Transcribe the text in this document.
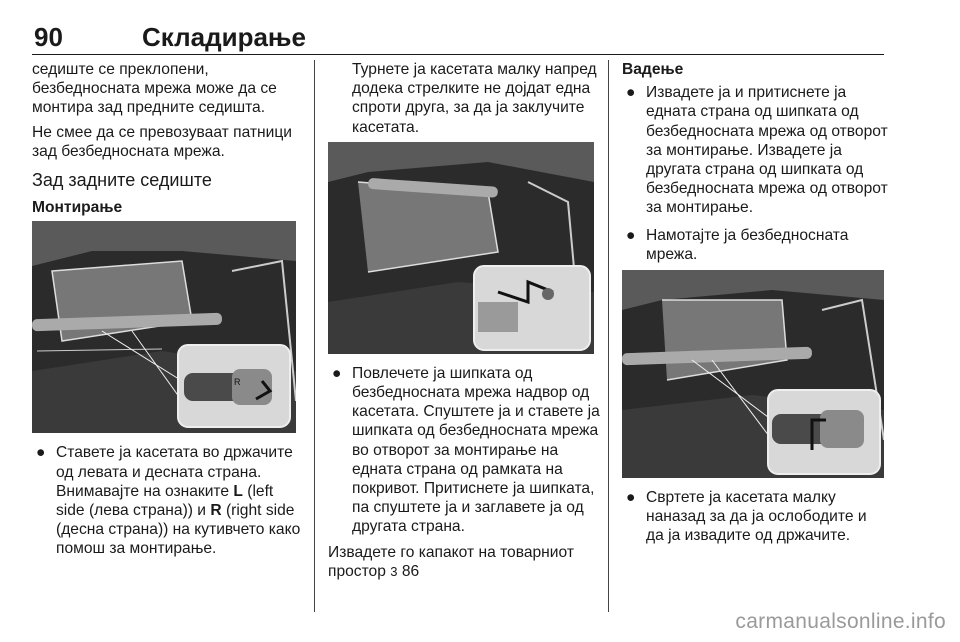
90	Складирање

седиште се преклопени, безбедносната мрежа може да се монтира зад предните седишта.

Не смее да се превозуваат патници зад безбедносната мрежа.

Зад задните седиште
Монтирање
R
● Ставете ја касетата во држачите од левата и десната страна. Внимавајте на ознаките L (left side (лева страна)) и R (right side (десна страна)) на кутивчето како помош за монтирање.

Турнете ја касетата малку напред додека стрелките не дојдат една спроти друга, за да ја заклучите касетата.

● Повлечете ја шипката од безбедносната мрежа надвор од касетата. Спуштете ја и ставете ја шипката од безбедносната мрежа во отворот за монтирање на едната страна од рамката на покривот. Притиснете ја шипката, па спуштете ја и заглавете ја од другата страна.

Извадете го капакот на товарниот простор 3 86

Вадење
● Извадете ја и притиснете ја едната страна од шипката од безбедносната мрежа од отворот за монтирање. Извадете ја другата страна од шипката од безбедносната мрежа од отворот за монтирање.
● Намотајте ја безбедносната мрежа.
● Свртете ја касетата малку наназад за да ја ослободите и да ја извадите од држачите.
carmanualsonline.info
